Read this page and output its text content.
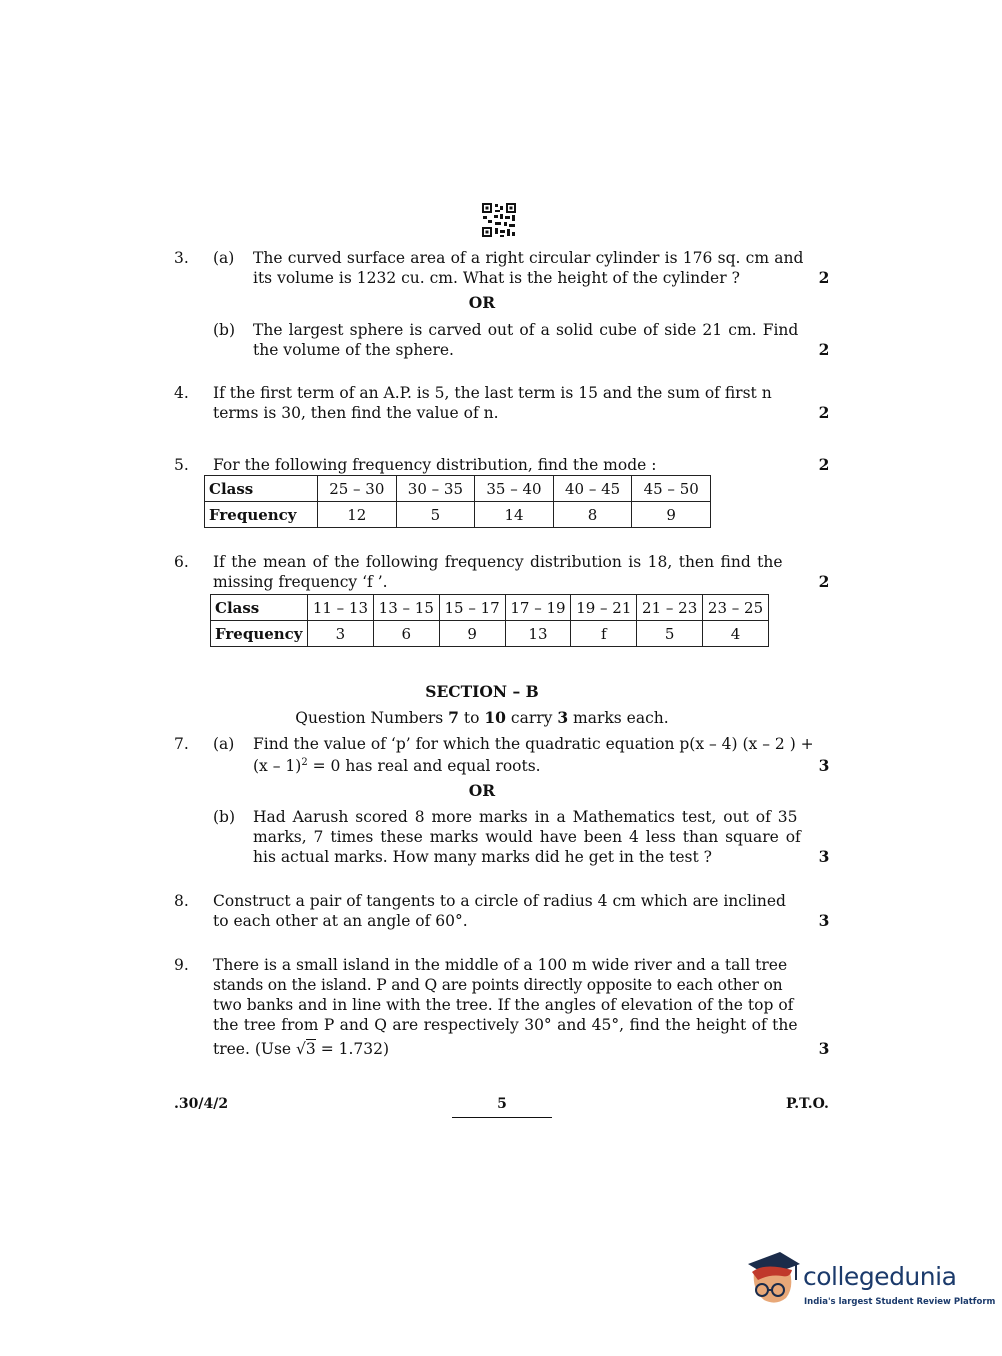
3. (a) The curved surface area of a right circular cylinder is 176 sq. cm and
its volume is 1232 cu. cm. What is the height of the cylinder ?	2
OR
(b) The largest sphere is carved out of a solid cube of side 21 cm. Find
the volume of the sphere.	2
4. If the first term of an A.P. is 5, the last term is 15 and the sum of first n
terms is 30, then find the value of n.	2
5. For the following frequency distribution, find the mode :	2
Class	25 – 30	30 – 35	35 – 40	40 – 45	45 – 50
Frequency	12	5	14	8	9
6. If the mean of the following frequency distribution is 18, then find the
missing frequency ‘f ’.	2
Class	11 – 13	13 – 15	15 – 17	17 – 19	19 – 21	21 – 23	23 – 25
Frequency	3	6	9	13	f	5	4
SECTION – B
Question Numbers 7 to 10 carry 3 marks each.
7. (a) Find the value of ‘p’ for which the quadratic equation p(x – 4) (x – 2 ) +
(x – 1)$^2$ = 0 has real and equal roots.	3
OR
(b) Had Aarush scored 8 more marks in a Mathematics test, out of 35
marks, 7 times these marks would have been 4 less than square of
his actual marks. How many marks did he get in the test ?	3
8. Construct a pair of tangents to a circle of radius 4 cm which are inclined
to each other at an angle of 60°.	3
9. There is a small island in the middle of a 100 m wide river and a tall tree
stands on the island. P and Q are points directly opposite to each other on
two banks and in line with the tree. If the angles of elevation of the top of
the tree from P and Q are respectively 30° and 45°, find the height of the
tree. (Use √3 = 1.732)	3
.30/4/2	5	P.T.O.
collegedunia
India's largest Student Review Platform
